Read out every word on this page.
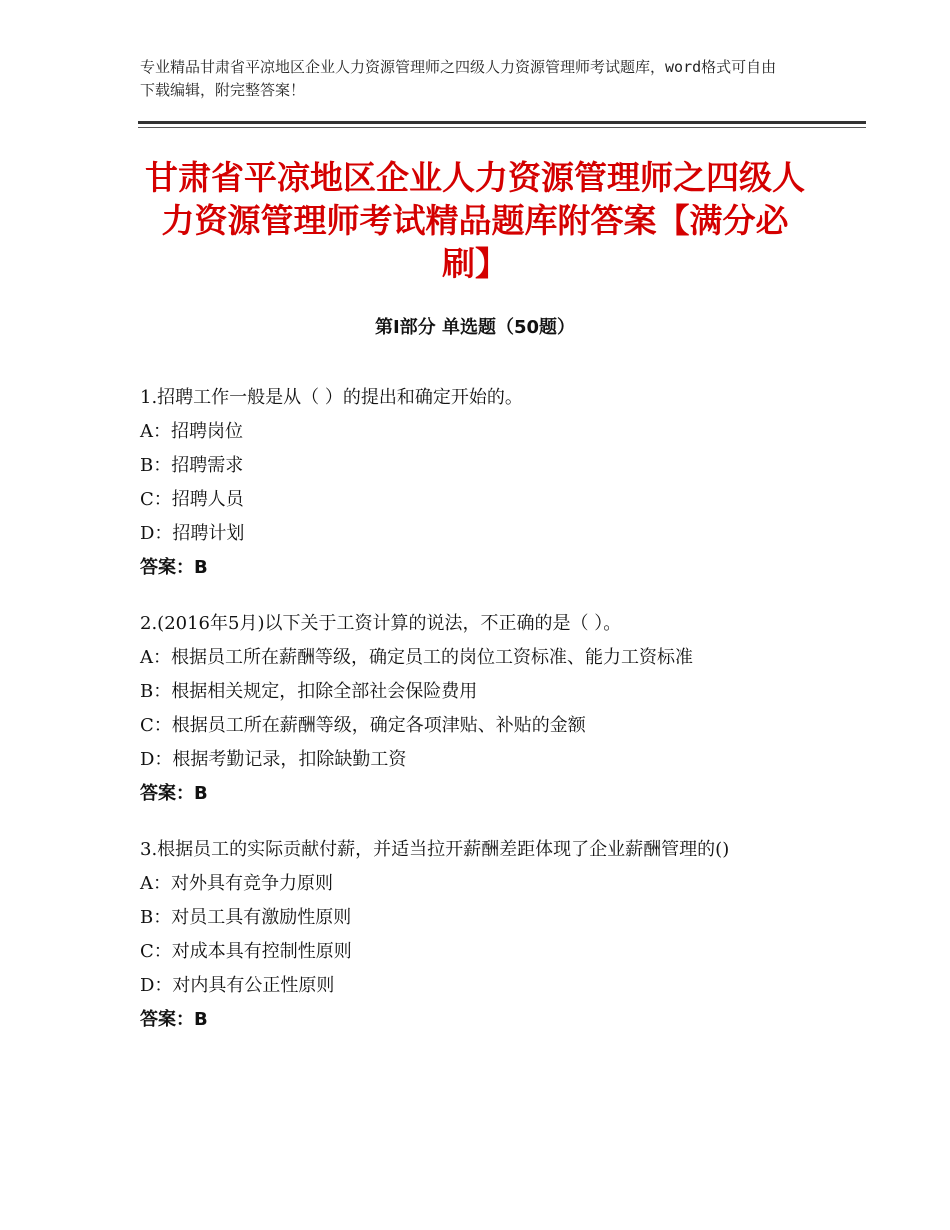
专业精品甘肃省平凉地区企业人力资源管理师之四级人力资源管理师考试题库，word格式可自由下载编辑，附完整答案！
甘肃省平凉地区企业人力资源管理师之四级人力资源管理师考试精品题库附答案【满分必刷】
第Ⅰ部分 单选题（50题）

1.招聘工作一般是从（ ）的提出和确定开始的。

A：招聘岗位

B：招聘需求

C：招聘人员

D：招聘计划

答案：B

2.(2016年5月)以下关于工资计算的说法，不正确的是（ ）。

A：根据员工所在薪酬等级，确定员工的岗位工资标准、能力工资标准

B：根据相关规定，扣除全部社会保险费用

C：根据员工所在薪酬等级，确定各项津贴、补贴的金额

D：根据考勤记录，扣除缺勤工资

答案：B

3.根据员工的实际贡献付薪，并适当拉开薪酬差距体现了企业薪酬管理的()

A：对外具有竞争力原则

B：对员工具有激励性原则

C：对成本具有控制性原则

D：对内具有公正性原则

答案：B
